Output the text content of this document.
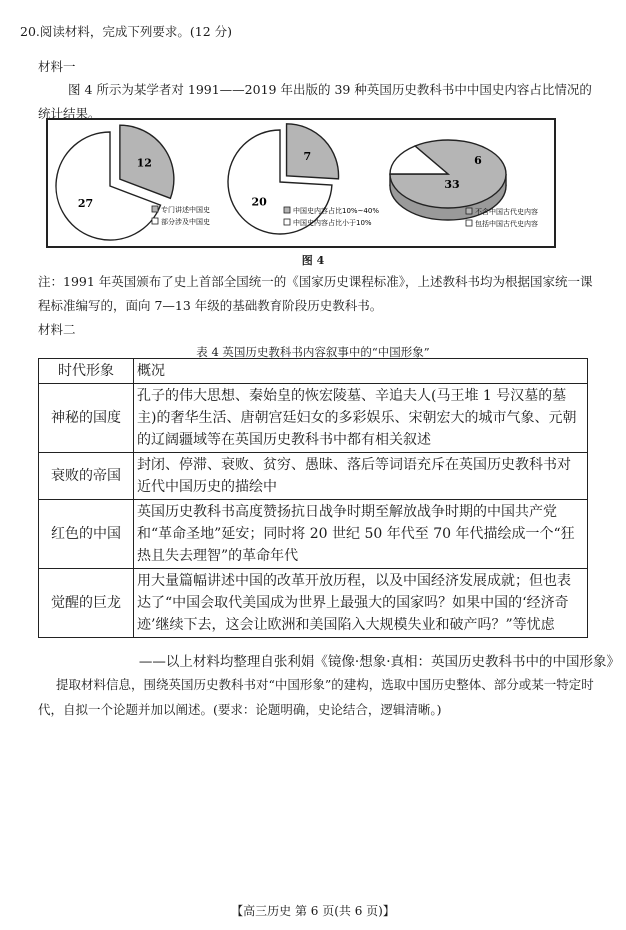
20.阅读材料，完成下列要求。(12 分)
材料一
图 4 所示为某学者对 1991——2019 年出版的 39 种英国历史教科书中中国史内容占比情况的统计结果。
12
27
专门讲述中国史
部分涉及中国史
7
20
中国史内容占比10%~40%
中国史内容占比小于10%
33
6
不含中国古代史内容
包括中国古代史内容
图 4
注：1991 年英国颁布了史上首部全国统一的《国家历史课程标准》，上述教科书均为根据国家统一课程标准编写的，面向 7—13 年级的基础教育阶段历史教科书。
材料二
表 4 英国历史教科书内容叙事中的“中国形象”
时代形象	概况
神秘的国度	孔子的伟大思想、秦始皇的恢宏陵墓、辛追夫人(马王堆 1 号汉墓的墓主)的奢华生活、唐朝宫廷妇女的多彩娱乐、宋朝宏大的城市气象、元朝的辽阔疆域等在英国历史教科书中都有相关叙述
衰败的帝国	封闭、停滞、衰败、贫穷、愚昧、落后等词语充斥在英国历史教科书对近代中国历史的描绘中
红色的中国	英国历史教科书高度赞扬抗日战争时期至解放战争时期的中国共产党和“革命圣地”延安；同时将 20 世纪 50 年代至 70 年代描绘成一个“狂热且失去理智”的革命年代
觉醒的巨龙	用大量篇幅讲述中国的改革开放历程，以及中国经济发展成就；但也表达了“中国会取代美国成为世界上最强大的国家吗？如果中国的‘经济奇迹’继续下去，这会让欧洲和美国陷入大规模失业和破产吗？”等忧虑
——以上材料均整理自张利娟《镜像·想象·真相：英国历史教科书中的中国形象》
提取材料信息，围绕英国历史教科书对“中国形象”的建构，选取中国历史整体、部分或某一特定时代，自拟一个论题并加以阐述。(要求：论题明确，史论结合，逻辑清晰。)
【高三历史 第 6 页(共 6 页)】
